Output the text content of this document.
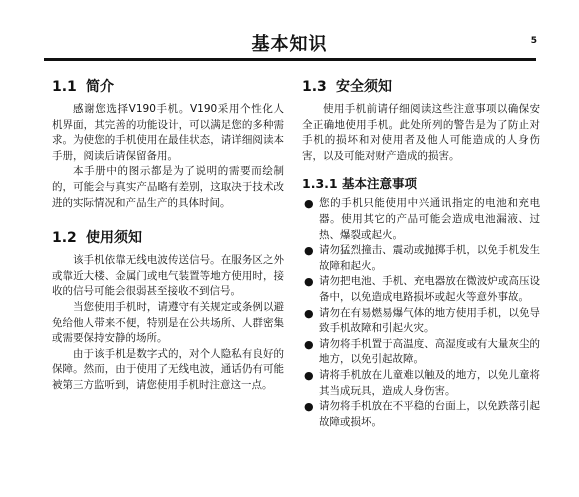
基本知识	5
1.1 简介

感谢您选择V190手机。V190采用个性化人机界面，其完善的功能设计，可以满足您的多种需求。为使您的手机使用在最佳状态，请详细阅读本手册，阅读后请保留备用。

本手册中的图示都是为了说明的需要而绘制的，可能会与真实产品略有差别，这取决于技术改进的实际情况和产品生产的具体时间。

1.2 使用须知

该手机依靠无线电波传送信号。在服务区之外或靠近大楼、金属门或电气装置等地方使用时，接收的信号可能会很弱甚至接收不到信号。

当您使用手机时，请遵守有关规定或条例以避免给他人带来不便，特别是在公共场所、人群密集或需要保持安静的场所。

由于该手机是数字式的，对个人隐私有良好的保障。然而，由于使用了无线电波，通话仍有可能被第三方监听到，请您使用手机时注意这一点。

1.3 安全须知

使用手机前请仔细阅读这些注意事项以确保安全正确地使用手机。此处所列的警告是为了防止对手机的损坏和对使用者及他人可能造成的人身伤害，以及可能对财产造成的损害。

1.3.1 基本注意事项
● 您的手机只能使用中兴通讯指定的电池和充电器。使用其它的产品可能会造成电池漏液、过热、爆裂或起火。
● 请勿猛烈撞击、震动或抛掷手机，以免手机发生故障和起火。
● 请勿把电池、手机、充电器放在微波炉或高压设备中，以免造成电路损坏或起火等意外事故。
● 请勿在有易燃易爆气体的地方使用手机，以免导致手机故障和引起火灾。
● 请勿将手机置于高温度、高湿度或有大量灰尘的地方，以免引起故障。
● 请将手机放在儿童难以触及的地方，以免儿童将其当成玩具，造成人身伤害。
● 请勿将手机放在不平稳的台面上，以免跌落引起故障或损坏。
